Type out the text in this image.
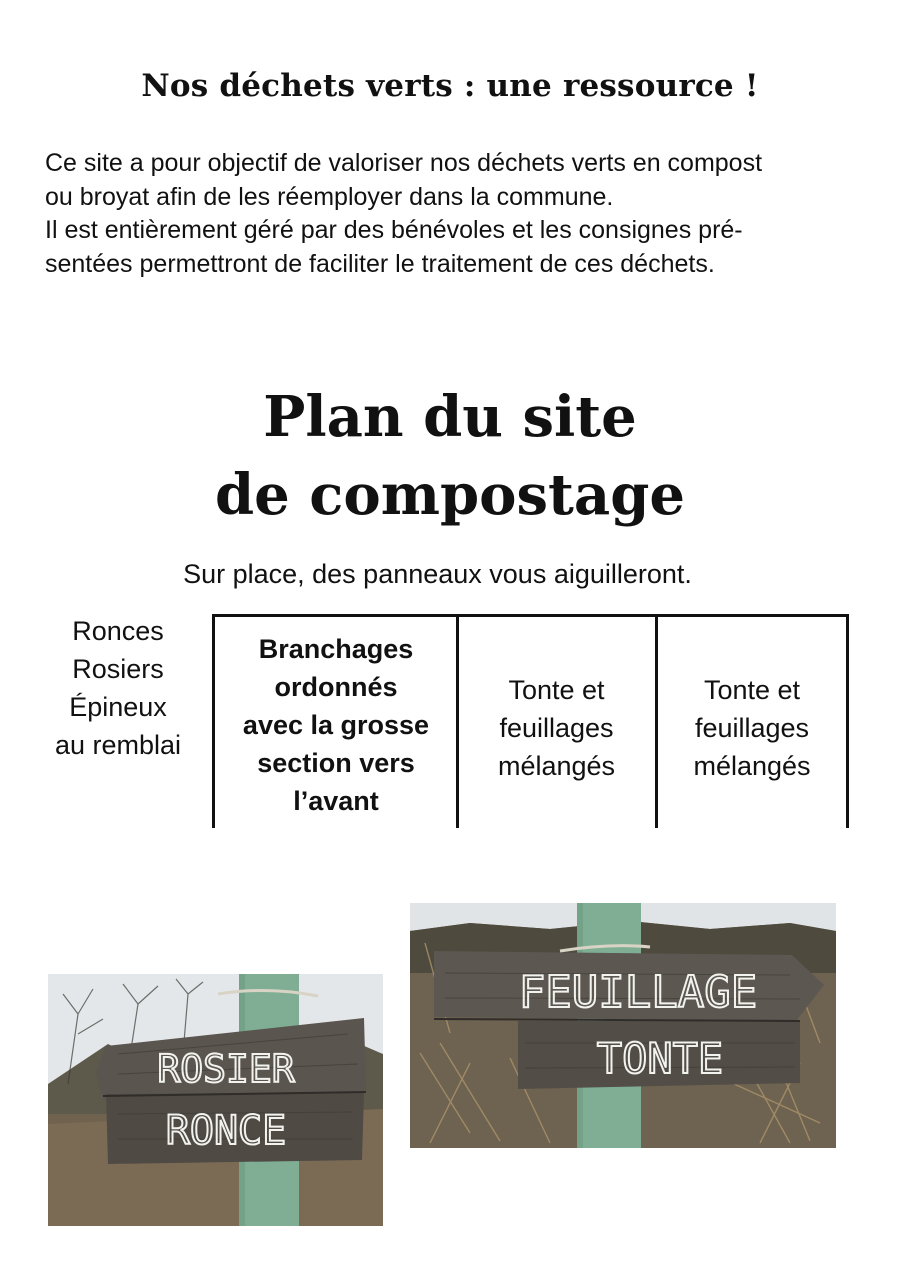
Nos déchets verts : une ressource !
Ce site a pour objectif de valoriser nos déchets verts en compost
ou broyat afin de les réemployer dans la commune.
Il est entièrement géré par des bénévoles et les consignes pré-
sentées permettront de faciliter le traitement de ces déchets.
Plan du site
de compostage
Sur place, des panneaux vous aiguilleront.
Ronces
Rosiers
Épineux
au remblai
Branchages
ordonnés
avec la grosse
section vers
l’avant
Tonte et
feuillages
mélangés
Tonte et
feuillages
mélangés
ROSIER
RONCE
FEUILLAGE
TONTE
